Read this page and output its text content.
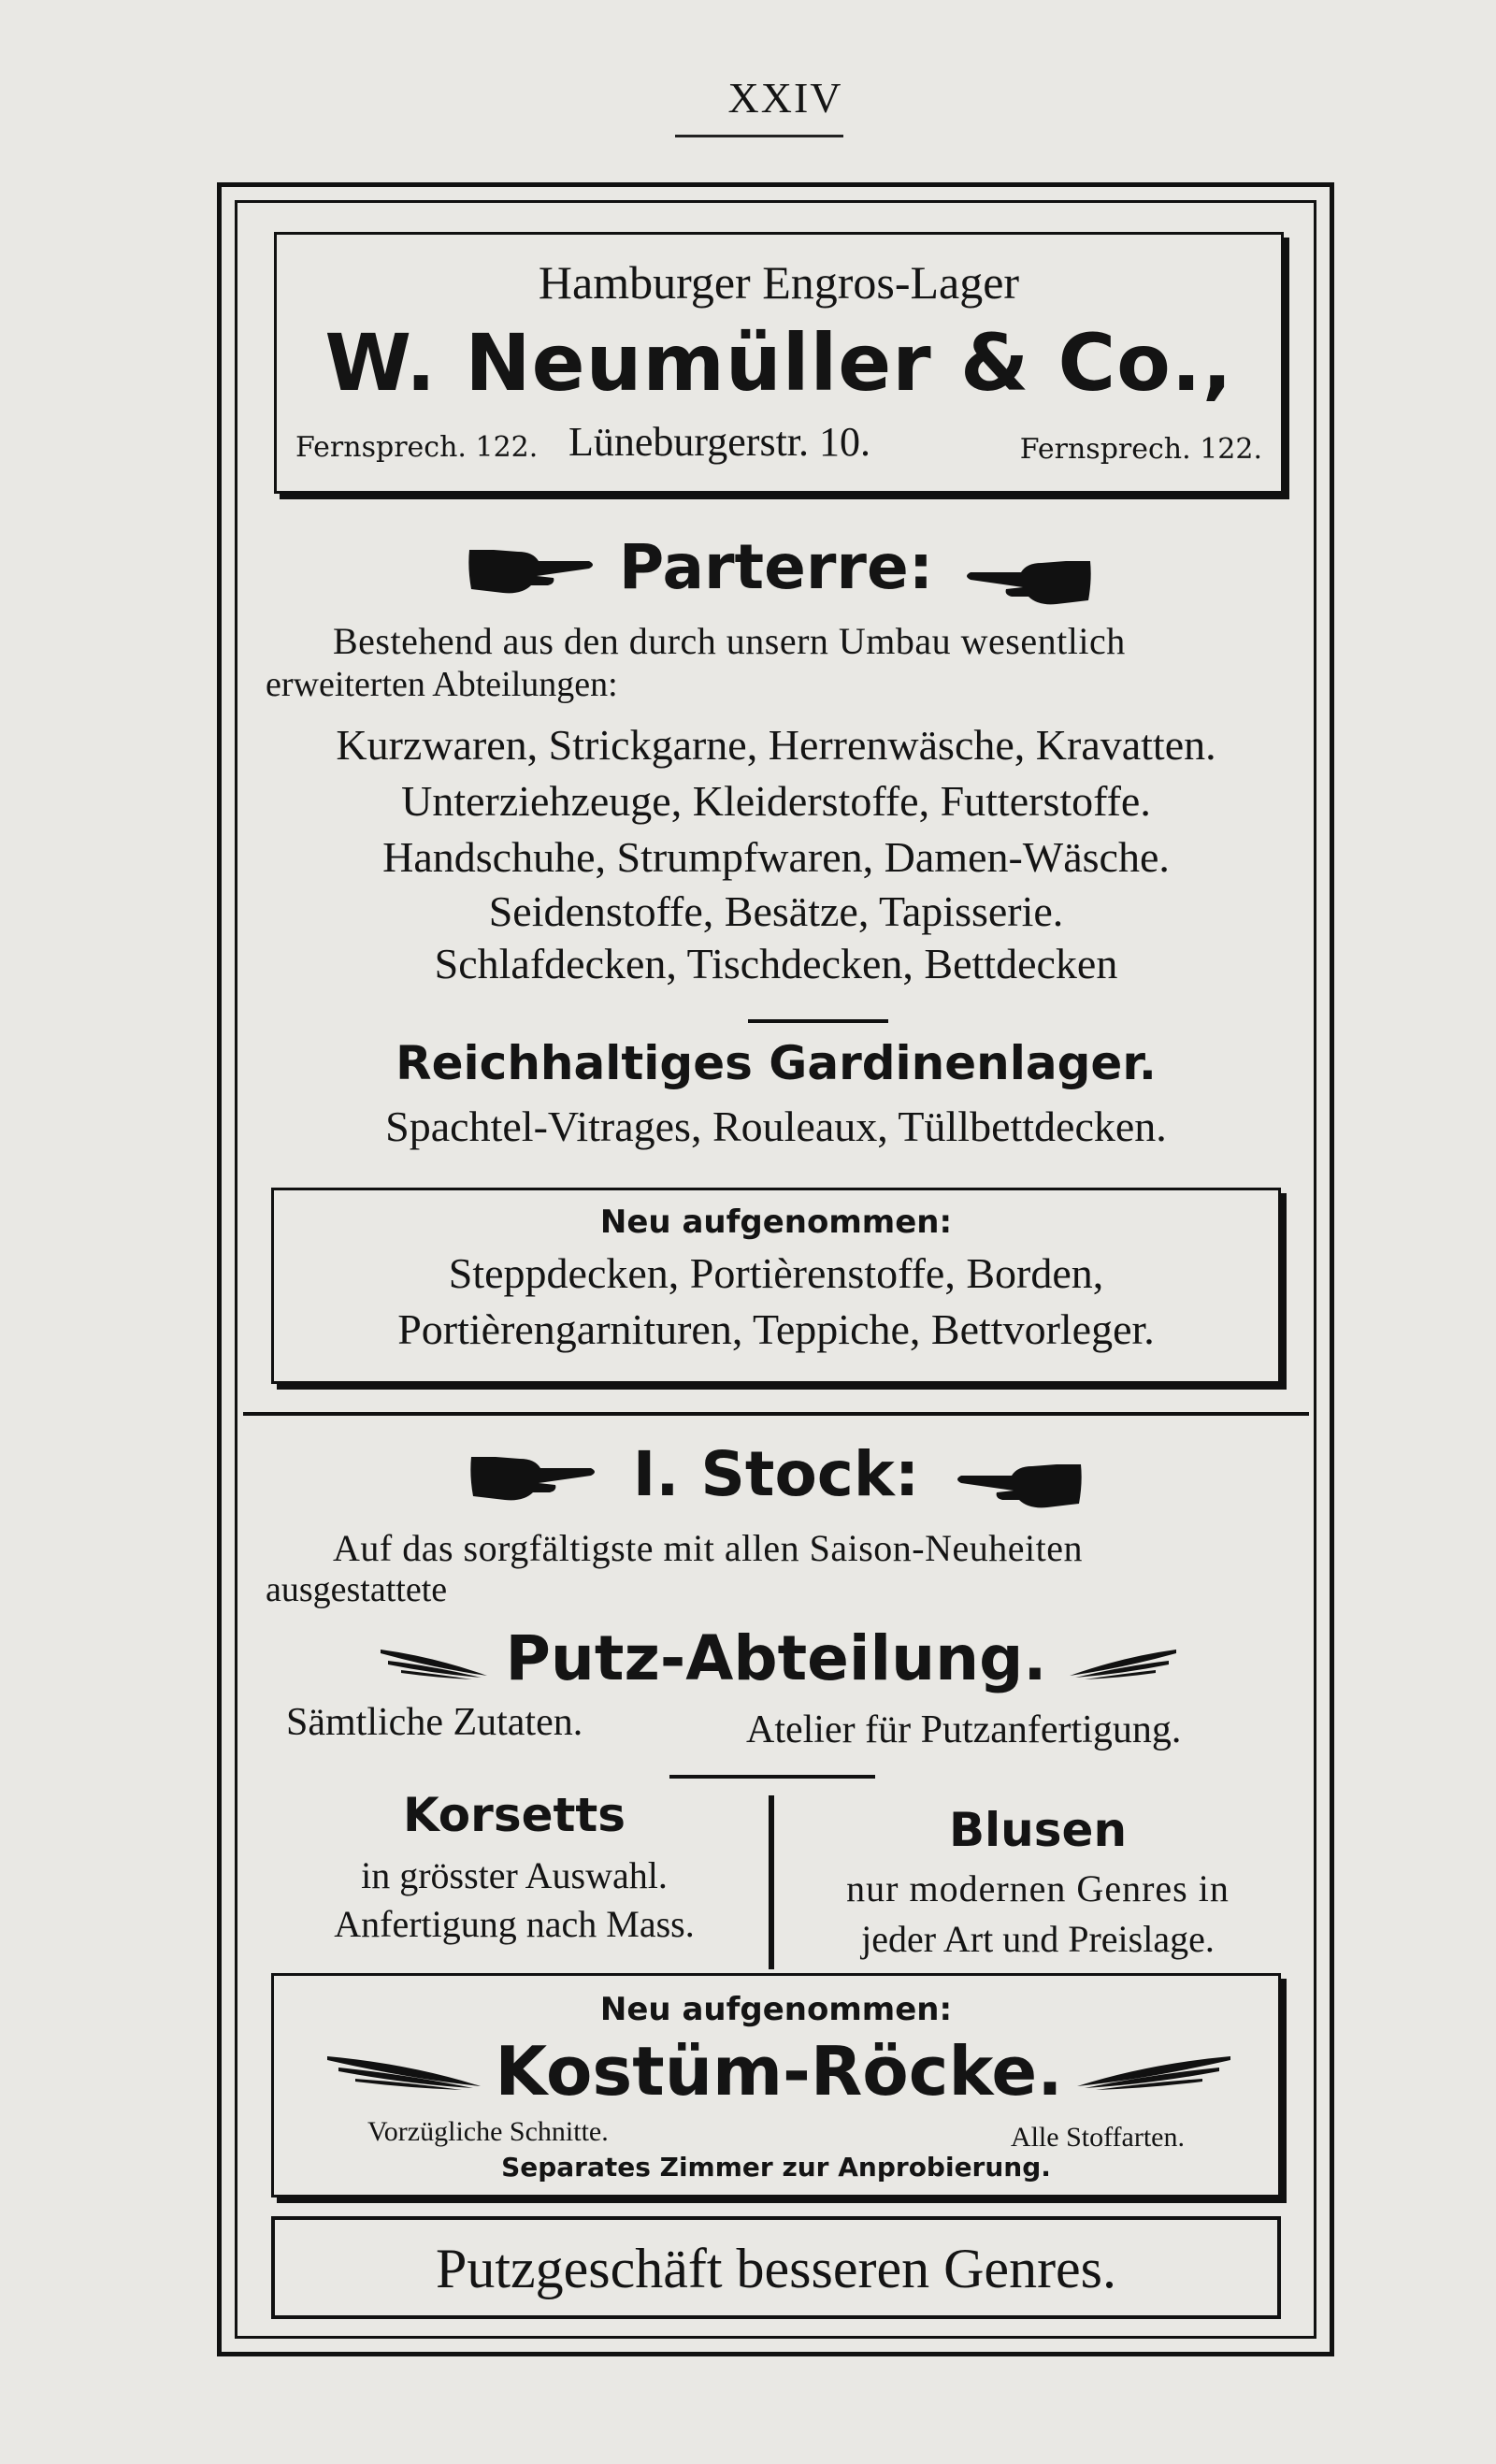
XXIV
Hamburger Engros-Lager
W. Neumüller & Co.,
Fernsprech. 122. Lüneburgerstr. 10.	Fernsprech. 122.
Parterre:
Bestehend aus den durch unsern Umbau wesentlich
erweiterten Abteilungen:
Kurzwaren, Strickgarne, Herrenwäsche, Kravatten.
Unterziehzeuge, Kleiderstoffe, Futterstoffe.
Handschuhe, Strumpfwaren, Damen-Wäsche.
Seidenstoffe, Besätze, Tapisserie.
Schlafdecken, Tischdecken, Bettdecken
Reichhaltiges Gardinenlager.
Spachtel-Vitrages, Rouleaux, Tüllbettdecken.
Neu aufgenommen:
Steppdecken, Portièrenstoffe, Borden,
Portièrengarnituren, Teppiche, Bettvorleger.
I. Stock:
Auf das sorgfältigste mit allen Saison-Neuheiten
ausgestattete
Putz-Abteilung.
Sämtliche Zutaten.	Atelier für Putzanfertigung.
Korsetts
in grösster Auswahl.
Anfertigung nach Mass.
Blusen
nur modernen Genres in
jeder Art und Preislage.
Neu aufgenommen:
Kostüm-Röcke.
Vorzügliche Schnitte.	Alle Stoffarten.
Separates Zimmer zur Anprobierung.
Putzgeschäft besseren Genres.
